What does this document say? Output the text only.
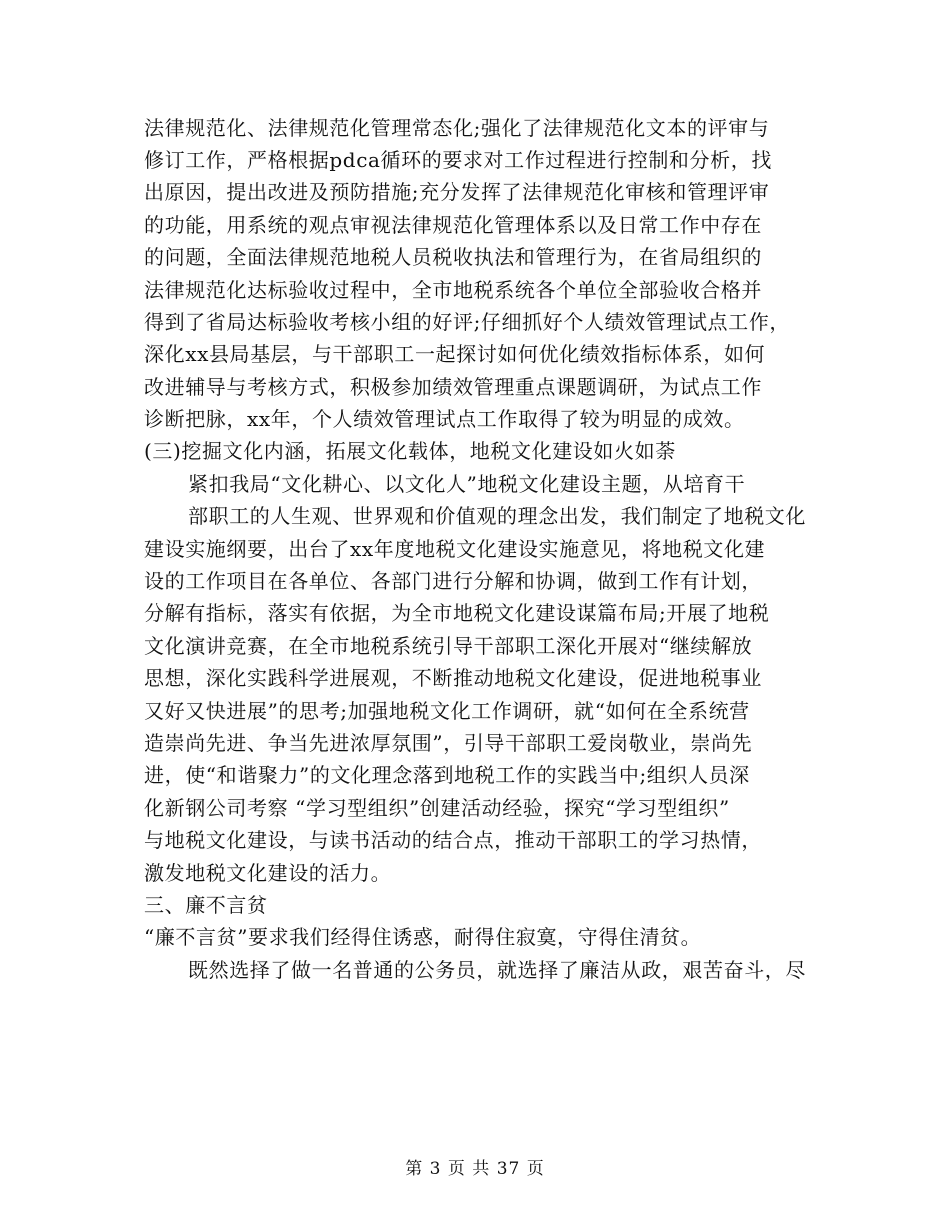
法律规范化、法律规范化管理常态化;强化了法律规范化文本的评审与
修订工作，严格根据pdca循环的要求对工作过程进行控制和分析，找
出原因，提出改进及预防措施;充分发挥了法律规范化审核和管理评审
的功能，用系统的观点审视法律规范化管理体系以及日常工作中存在
的问题，全面法律规范地税人员税收执法和管理行为，在省局组织的
法律规范化达标验收过程中，全市地税系统各个单位全部验收合格并
得到了省局达标验收考核小组的好评;仔细抓好个人绩效管理试点工作，
深化xx县局基层，与干部职工一起探讨如何优化绩效指标体系，如何
改进辅导与考核方式，积极参加绩效管理重点课题调研，为试点工作
诊断把脉，xx年，个人绩效管理试点工作取得了较为明显的成效。
(三)挖掘文化内涵，拓展文化载体，地税文化建设如火如荼
紧扣我局“文化耕心、以文化人”地税文化建设主题，从培育干
部职工的人生观、世界观和价值观的理念出发，我们制定了地税文化
建设实施纲要，出台了xx年度地税文化建设实施意见，将地税文化建
设的工作项目在各单位、各部门进行分解和协调，做到工作有计划，
分解有指标，落实有依据，为全市地税文化建设谋篇布局;开展了地税
文化演讲竞赛，在全市地税系统引导干部职工深化开展对“继续解放
思想，深化实践科学进展观，不断推动地税文化建设，促进地税事业
又好又快进展”的思考;加强地税文化工作调研，就“如何在全系统营
造崇尚先进、争当先进浓厚氛围”，引导干部职工爱岗敬业，崇尚先
进，使“和谐聚力”的文化理念落到地税工作的实践当中;组织人员深
化新钢公司考察 “学习型组织”创建活动经验，探究“学习型组织”
与地税文化建设，与读书活动的结合点，推动干部职工的学习热情，
激发地税文化建设的活力。
三、廉不言贫
“廉不言贫”要求我们经得住诱惑，耐得住寂寞，守得住清贫。
既然选择了做一名普通的公务员，就选择了廉洁从政，艰苦奋斗，尽
第 3 页 共 37 页
